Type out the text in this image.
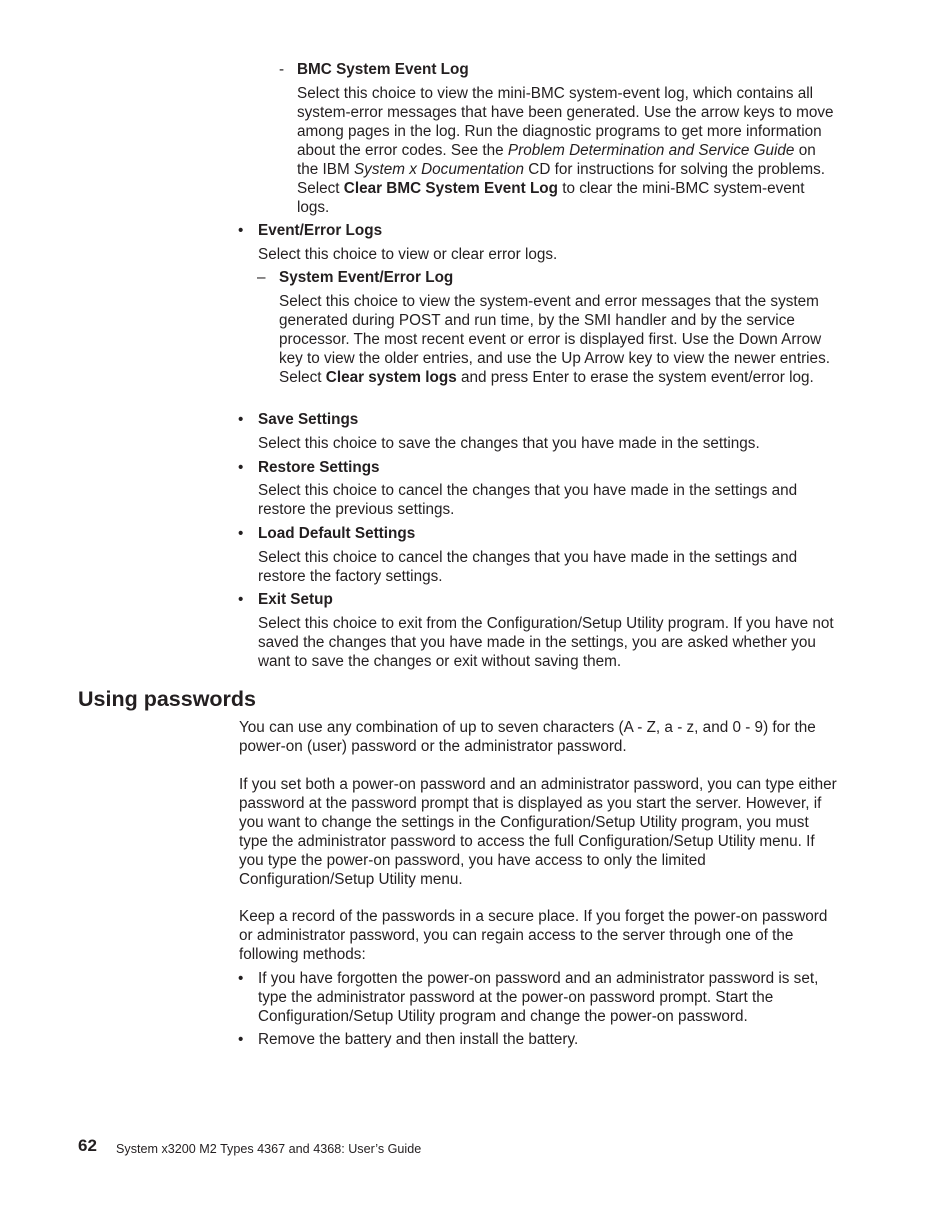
- BMC System Event Log

Select this choice to view the mini-BMC system-event log, which contains all system-error messages that have been generated. Use the arrow keys to move among pages in the log. Run the diagnostic programs to get more information about the error codes. See the Problem Determination and Service Guide on the IBM System x Documentation CD for instructions for solving the problems. Select Clear BMC System Event Log to clear the mini-BMC system-event logs.

• Event/Error Logs

Select this choice to view or clear error logs.

– System Event/Error Log

Select this choice to view the system-event and error messages that the system generated during POST and run time, by the SMI handler and by the service processor. The most recent event or error is displayed first. Use the Down Arrow key to view the older entries, and use the Up Arrow key to view the newer entries. Select Clear system logs and press Enter to erase the system event/error log.

• Save Settings

Select this choice to save the changes that you have made in the settings.

• Restore Settings

Select this choice to cancel the changes that you have made in the settings and restore the previous settings.

• Load Default Settings

Select this choice to cancel the changes that you have made in the settings and restore the factory settings.

• Exit Setup

Select this choice to exit from the Configuration/Setup Utility program. If you have not saved the changes that you have made in the settings, you are asked whether you want to save the changes or exit without saving them.

Using passwords

You can use any combination of up to seven characters (A - Z, a - z, and 0 - 9) for the power-on (user) password or the administrator password.

If you set both a power-on password and an administrator password, you can type either password at the password prompt that is displayed as you start the server. However, if you want to change the settings in the Configuration/Setup Utility program, you must type the administrator password to access the full Configuration/Setup Utility menu. If you type the power-on password, you have access to only the limited Configuration/Setup Utility menu.

Keep a record of the passwords in a secure place. If you forget the power-on password or administrator password, you can regain access to the server through one of the following methods:

• If you have forgotten the power-on password and an administrator password is set, type the administrator password at the power-on password prompt. Start the Configuration/Setup Utility program and change the power-on password.

• Remove the battery and then install the battery.

62 System x3200 M2 Types 4367 and 4368: User’s Guide
